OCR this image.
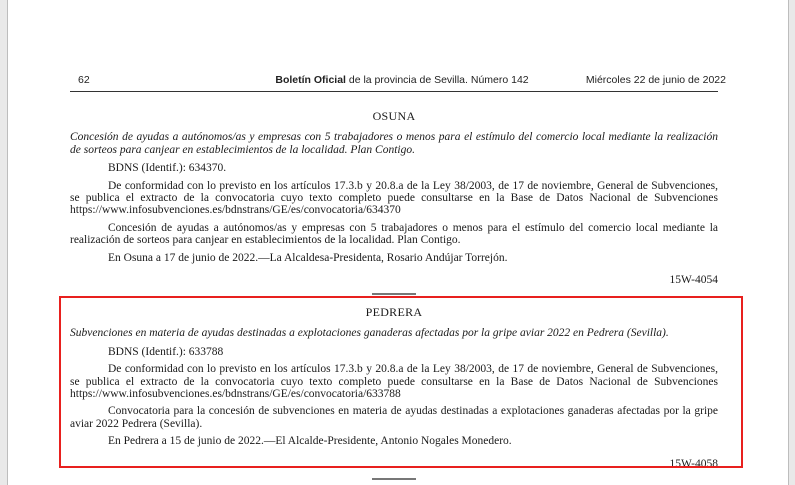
62	Boletín Oficial de la provincia de Sevilla. Número 142	Miércoles 22 de junio de 2022

OSUNA

Concesión de ayudas a autónomos/as y empresas con 5 trabajadores o menos para el estímulo del comercio local mediante la realización de sorteos para canjear en establecimientos de la localidad. Plan Contigo.

BDNS (Identif.): 634370.

De conformidad con lo previsto en los artículos 17.3.b y 20.8.a de la Ley 38/2003, de 17 de noviembre, General de Subvenciones, se publica el extracto de la convocatoria cuyo texto completo puede consultarse en la Base de Datos Nacional de Subvenciones https://www.infosubvenciones.es/bdnstrans/GE/es/convocatoria/634370

Concesión de ayudas a autónomos/as y empresas con 5 trabajadores o menos para el estímulo del comercio local mediante la realización de sorteos para canjear en establecimientos de la localidad. Plan Contigo.

En Osuna a 17 de junio de 2022.—La Alcaldesa-Presidenta, Rosario Andújar Torrejón.

15W-4054

PEDRERA

Subvenciones en materia de ayudas destinadas a explotaciones ganaderas afectadas por la gripe aviar 2022 en Pedrera (Sevilla).

BDNS (Identif.): 633788

De conformidad con lo previsto en los artículos 17.3.b y 20.8.a de la Ley 38/2003, de 17 de noviembre, General de Subvenciones, se publica el extracto de la convocatoria cuyo texto completo puede consultarse en la Base de Datos Nacional de Subvenciones https://www.infosubvenciones.es/bdnstrans/GE/es/convocatoria/633788

Convocatoria para la concesión de subvenciones en materia de ayudas destinadas a explotaciones ganaderas afectadas por la gripe aviar 2022 Pedrera (Sevilla).

En Pedrera a 15 de junio de 2022.—El Alcalde-Presidente, Antonio Nogales Monedero.

15W-4058
